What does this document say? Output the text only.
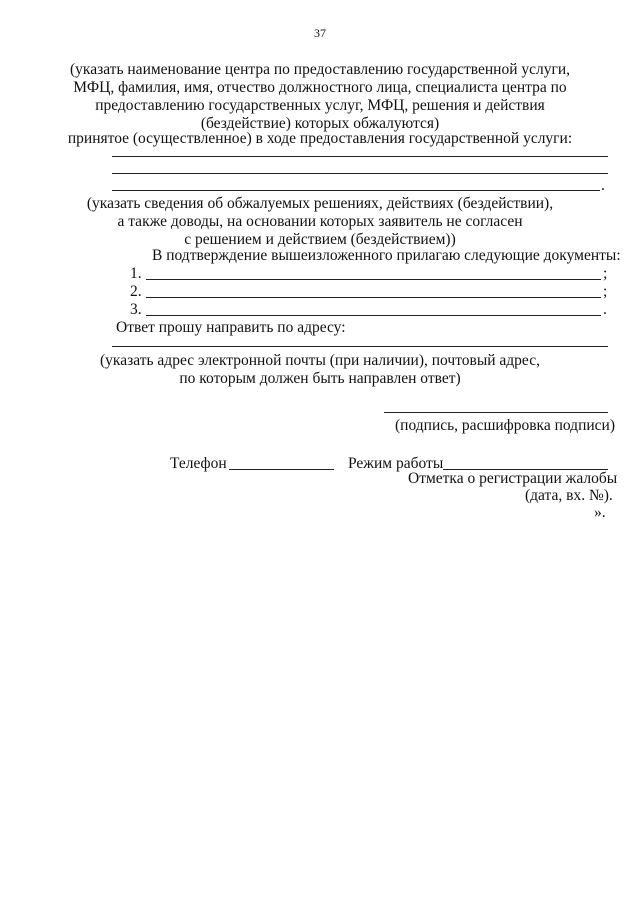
37
(указать наименование центра по предоставлению государственной услуги,
МФЦ, фамилия, имя, отчество должностного лица, специалиста центра по
предоставлению государственных услуг, МФЦ, решения и действия
(бездействие) которых обжалуются)
принятое (осуществленное) в ходе предоставления государственной услуги:
.
(указать сведения об обжалуемых решениях, действиях (бездействии),
а также доводы, на основании которых заявитель не согласен
с решением и действием (бездействием))
В подтверждение вышеизложенного прилагаю следующие документы:
1.	;
2.	;
3.	.
Ответ прошу направить по адресу:
(указать адрес электронной почты (при наличии), почтовый адрес,
по которым должен быть направлен ответ)
(подпись, расшифровка подписи)
Телефон	Режим работы
Отметка о регистрации жалобы
(дата, вх. №).
».
